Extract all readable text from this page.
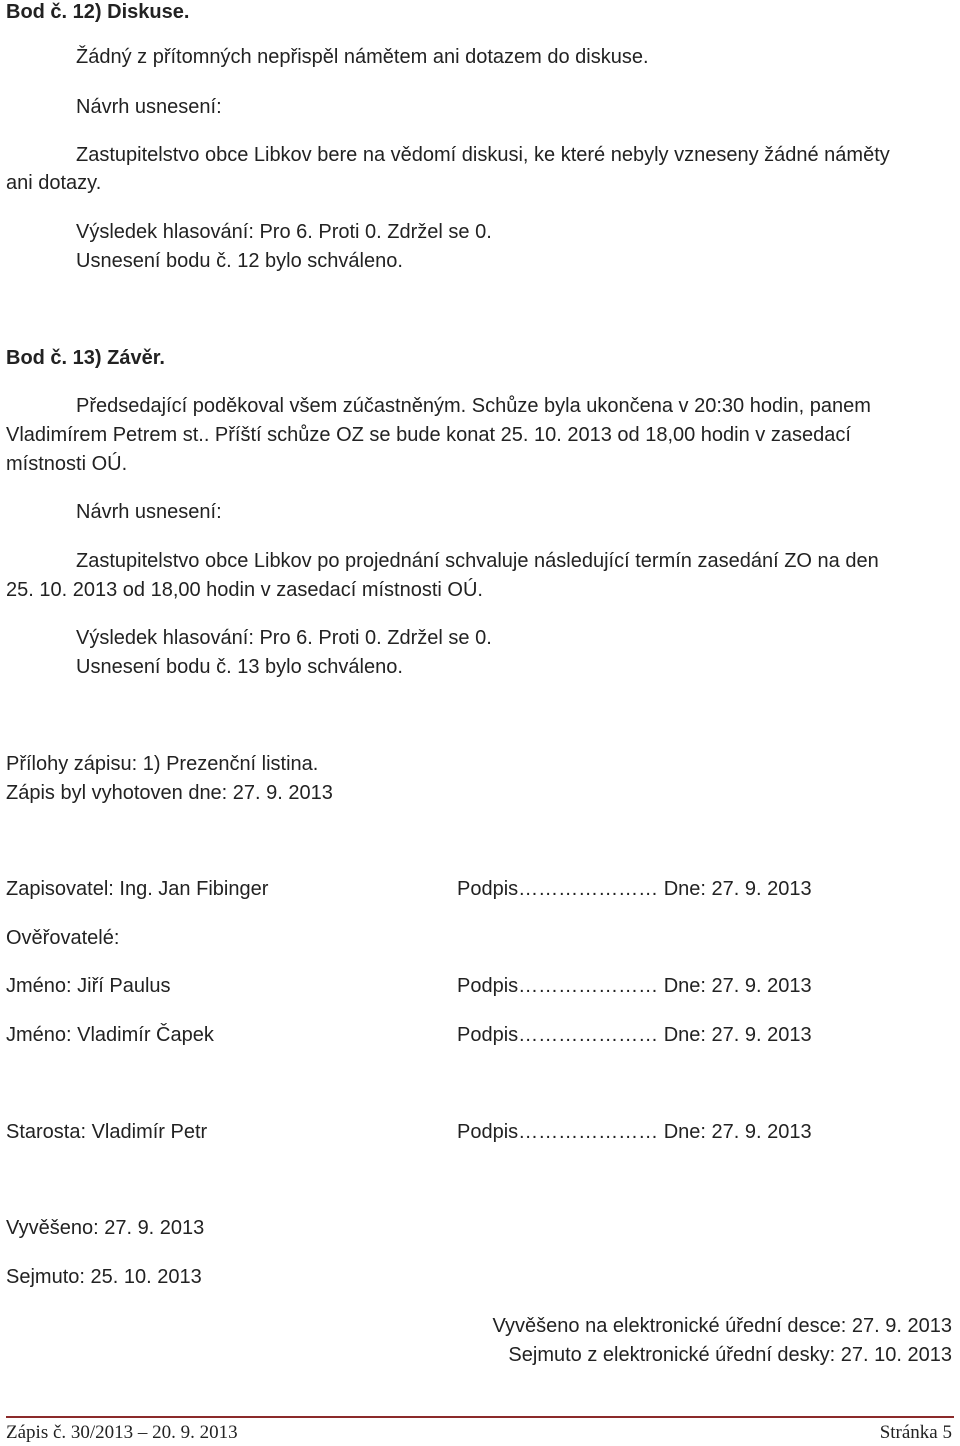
Bod č. 12) Diskuse.
Žádný z přítomných nepřispěl námětem ani dotazem do diskuse.
Návrh usnesení:
Zastupitelstvo obce Libkov bere na vědomí diskusi, ke které nebyly vzneseny žádné náměty
ani dotazy.
Výsledek hlasování: Pro 6. Proti 0. Zdržel se 0.
Usnesení bodu č. 12 bylo schváleno.
Bod č. 13) Závěr.
Předsedající poděkoval všem zúčastněným. Schůze byla ukončena v 20:30 hodin, panem
Vladimírem Petrem st.. Příští schůze OZ se bude konat 25. 10. 2013 od 18,00 hodin v zasedací
místnosti OÚ.
Návrh usnesení:
Zastupitelstvo obce Libkov po projednání schvaluje následující termín zasedání ZO na den
25. 10. 2013 od 18,00 hodin v zasedací místnosti OÚ.
Výsledek hlasování: Pro 6. Proti 0. Zdržel se 0.
Usnesení bodu č. 13 bylo schváleno.
Přílohy zápisu: 1) Prezenční listina.
Zápis byl vyhotoven dne: 27. 9. 2013
Zapisovatel: Ing. Jan Fibinger	Podpis………………… Dne: 27. 9. 2013
Ověřovatelé:
Jméno: Jiří Paulus	Podpis………………… Dne: 27. 9. 2013
Jméno: Vladimír Čapek	Podpis………………… Dne: 27. 9. 2013
Starosta: Vladimír Petr	Podpis………………… Dne: 27. 9. 2013
Vyvěšeno: 27. 9. 2013
Sejmuto: 25. 10. 2013
Vyvěšeno na elektronické úřední desce: 27. 9. 2013
Sejmuto z elektronické úřední desky: 27. 10. 2013
Zápis č. 30/2013 – 20. 9. 2013	Stránka 5
